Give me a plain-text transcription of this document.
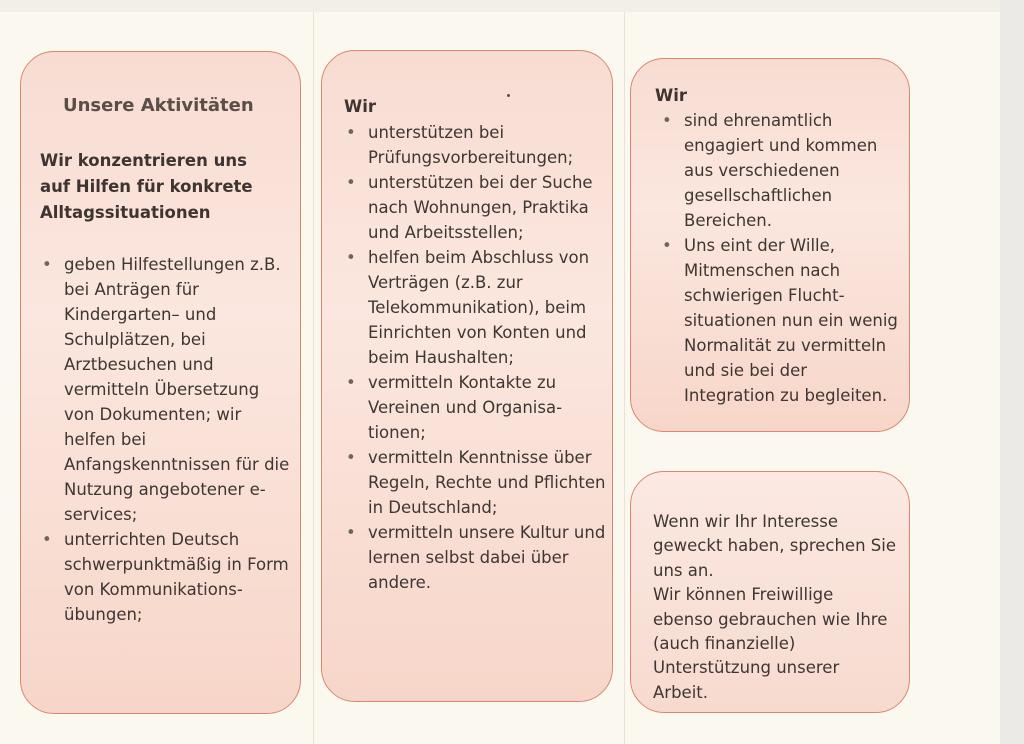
Unsere Aktivitäten
Wir konzentrieren uns auf Hilfen für konkrete Alltagssituationen
• geben Hilfestellungen z.B. bei Anträgen für Kindergarten– und Schulplätzen, bei Arztbesuchen und vermitteln Übersetzung von Dokumenten; wir helfen bei Anfangskenntnissen für die Nutzung angebotener e-services;
• unterrichten Deutsch schwerpunktmäßig in Form von Kommunikations-übungen;
Wir
• unterstützen bei Prüfungsvorbereitungen;
• unterstützen bei der Suche nach Wohnungen, Praktika und Arbeitsstellen;
• helfen beim Abschluss von Verträgen (z.B. zur Telekommunikation), beim Einrichten von Konten und beim Haushalten;
• vermitteln Kontakte zu Vereinen und Organisa-tionen;
• vermitteln Kenntnisse über Regeln, Rechte und Pflichten in Deutschland;
• vermitteln unsere Kultur und lernen selbst dabei über andere.
Wir
• sind ehrenamtlich engagiert und kommen aus verschiedenen gesellschaftlichen Bereichen.
• Uns eint der Wille, Mitmenschen nach schwierigen Flucht-situationen nun ein wenig Normalität zu vermitteln und sie bei der Integration zu begleiten.

Wenn wir Ihr Interesse geweckt haben, sprechen Sie uns an.

Wir können Freiwillige ebenso gebrauchen wie Ihre (auch finanzielle) Unterstützung unserer Arbeit.
